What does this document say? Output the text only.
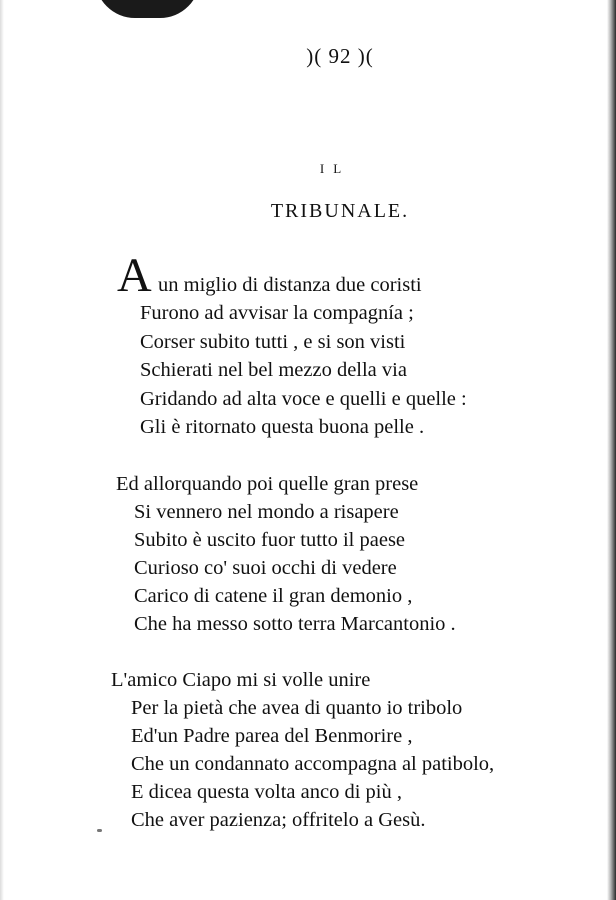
)( 92 )(
CANTO XVI.
IL
TRIBUNALE.
A un miglio di distanza due coristi
Furono ad avvisar la compagnía ;
Corser subito tutti , e si son visti
Schierati nel bel mezzo della via
Gridando ad alta voce e quelli e quelle :
Gli è ritornato questa buona pelle .
Ed allorquando poi quelle gran prese
Si vennero nel mondo a risapere
Subito è uscito fuor tutto il paese
Curioso co' suoi occhi di vedere
Carico di catene il gran demonio ,
Che ha messo sotto terra Marcantonio .
L'amico Ciapo mi si volle unire
Per la pietà che avea di quanto io tribolo
Ed'un Padre parea del Benmorire ,
Che un condannato accompagna al patibolo,
E dicea questa volta anco di più ,
Che aver pazienza; offritelo a Gesù.
